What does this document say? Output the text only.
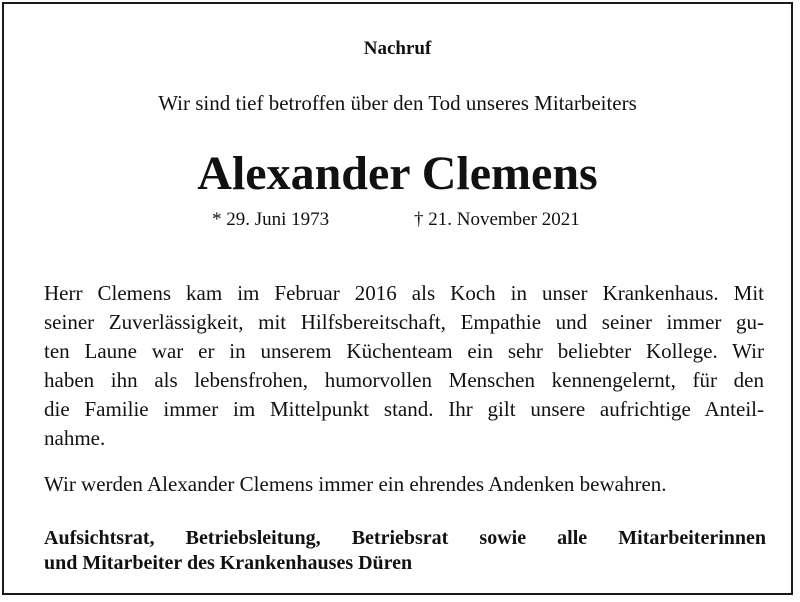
Nachruf
Wir sind tief betroffen über den Tod unseres Mitarbeiters
Alexander Clemens
* 29. Juni 1973	† 21. November 2021
Herr Clemens kam im Februar 2016 als Koch in unser Krankenhaus. Mit
seiner Zuverlässigkeit, mit Hilfsbereitschaft, Empathie und seiner immer gu-
ten Laune war er in unserem Küchenteam ein sehr beliebter Kollege. Wir
haben ihn als lebensfrohen, humorvollen Menschen kennengelernt, für den
die Familie immer im Mittelpunkt stand. Ihr gilt unsere aufrichtige Anteil-
nahme.
Wir werden Alexander Clemens immer ein ehrendes Andenken bewahren.
Aufsichtsrat, Betriebsleitung, Betriebsrat sowie alle Mitarbeiterinnen
und Mitarbeiter des Krankenhauses Düren
